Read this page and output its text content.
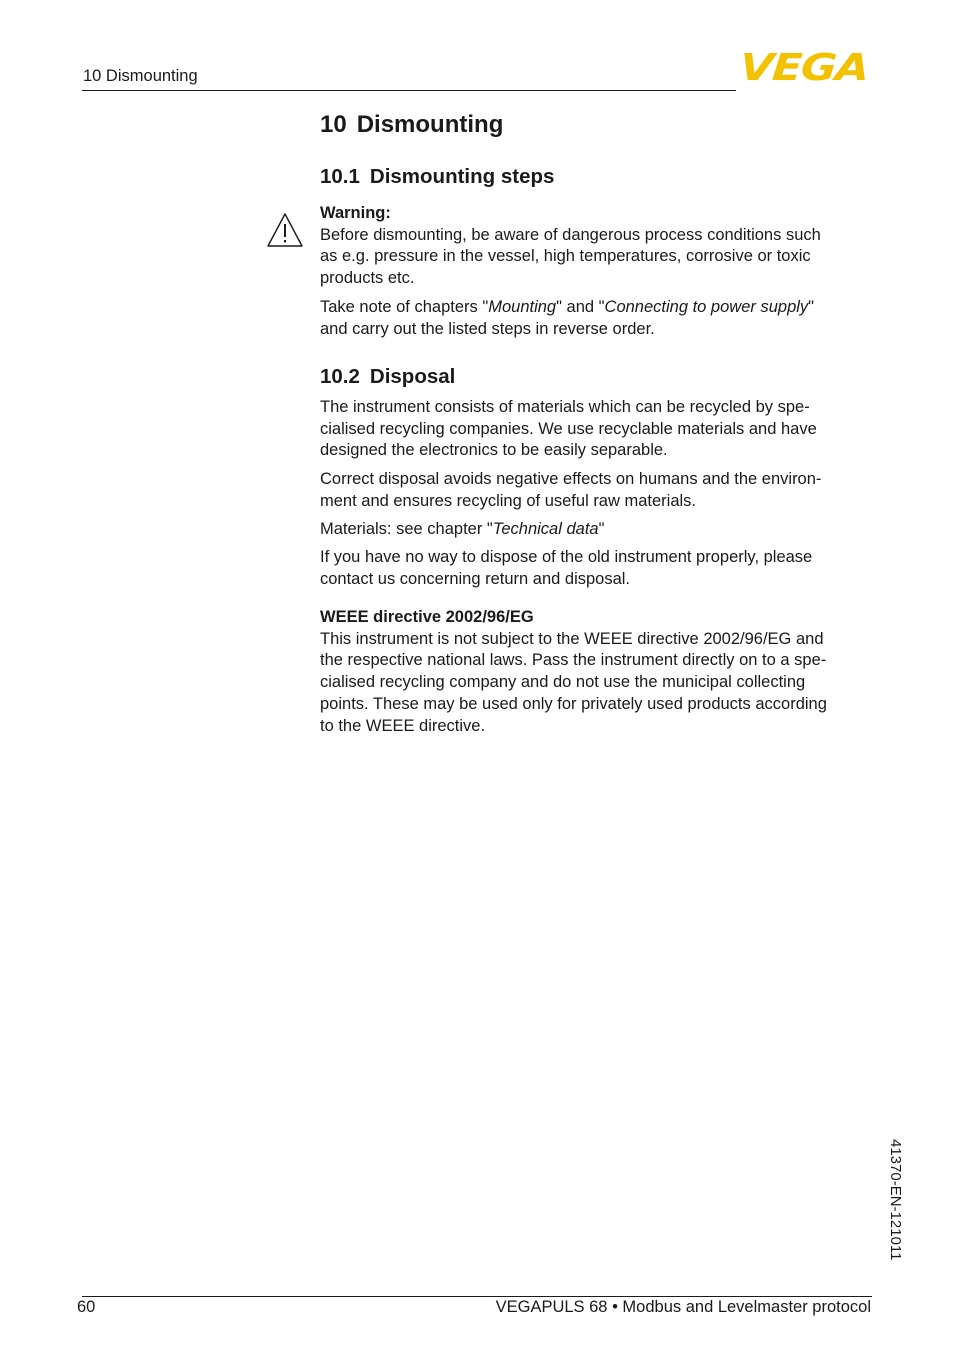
10 Dismounting	VEGA
10 Dismounting
10.1 Dismounting steps

Warning:

Before dismounting, be aware of dangerous process conditions such
as e.g. pressure in the vessel, high temperatures, corrosive or toxic
products etc.

Take note of chapters "Mounting" and "Connecting to power supply"
and carry out the listed steps in reverse order.
10.2 Disposal
The instrument consists of materials which can be recycled by spe-
cialised recycling companies. We use recyclable materials and have
designed the electronics to be easily separable.
Correct disposal avoids negative effects on humans and the environ-
ment and ensures recycling of useful raw materials.
Materials: see chapter "Technical data"
If you have no way to dispose of the old instrument properly, please
contact us concerning return and disposal.

WEEE directive 2002/96/EG

This instrument is not subject to the WEEE directive 2002/96/EG and
the respective national laws. Pass the instrument directly on to a spe-
cialised recycling company and do not use the municipal collecting
points. These may be used only for privately used products according
to the WEEE directive.

41370-EN-121011
60	VEGAPULS 68 • Modbus and Levelmaster protocol
